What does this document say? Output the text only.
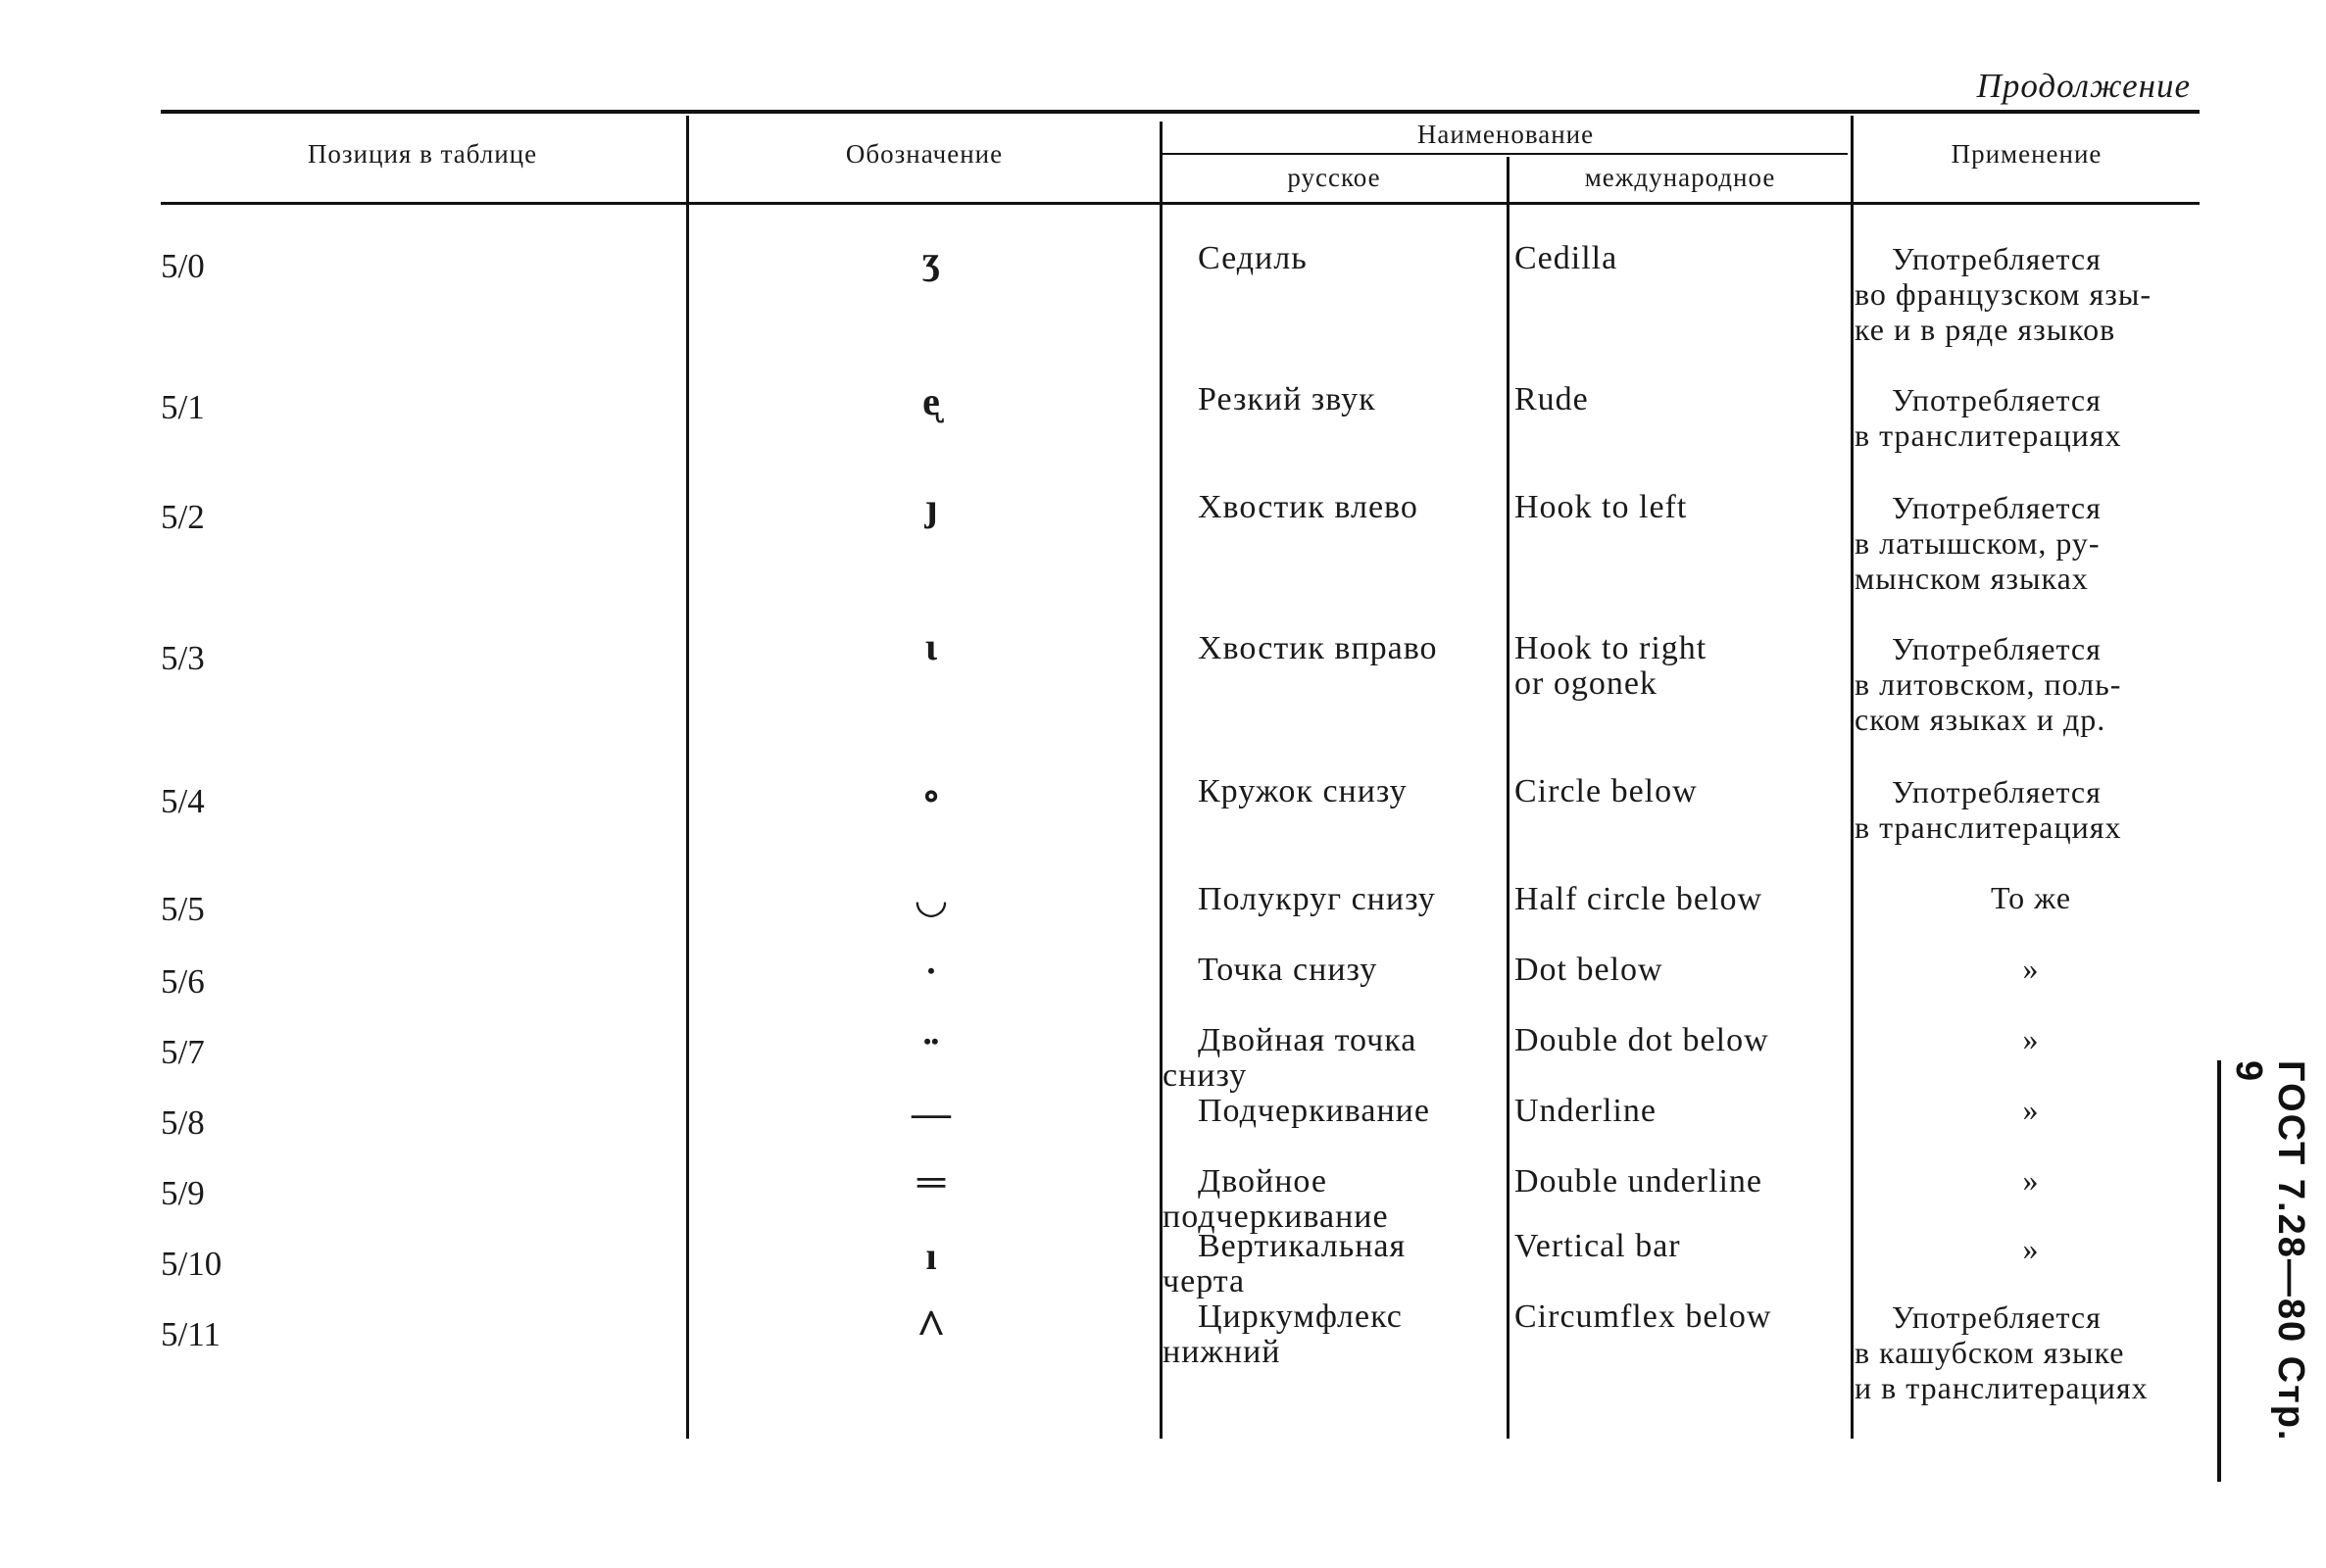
Продолжение
Позиция в таблице	Обозначение
Наименование
русское	международное
Применение
5/0	ʒ	Седиль	Cedilla	Употребляется
во французском язы-
ке и в ряде языков
5/1	ᶒ	Резкий звук	Rude	Употребляется
в транслитерациях
5/2	ȷ	Хвостик влево	Hook to left	Употребляется
в латышском, ру-
мынском языках
5/3	ι	Хвостик вправо	Hook to right
or ogonek
Употребляется
в литовском, поль-
ском языках и др.
5/4	∘	Кружок снизу	Circle below	Употребляется
в транслитерациях
5/5	◡	Полукруг снизу	Half circle below	То же
5/6	•	Точка снизу	Dot below	»
5/7	••	Двойная точка
снизу
Double dot below	»
5/8	—	Подчеркивание	Underline	»
5/9	═	Двойное
подчеркивание
Double underline	»
5/10	ı	Вертикальная
черта
Vertical bar	»
5/11	^	Циркумфлекс
нижний
Circumflex below	Употребляется
в кашубском языке
и в транслитерациях	ГОСТ 7.28—80 Стр. 9
